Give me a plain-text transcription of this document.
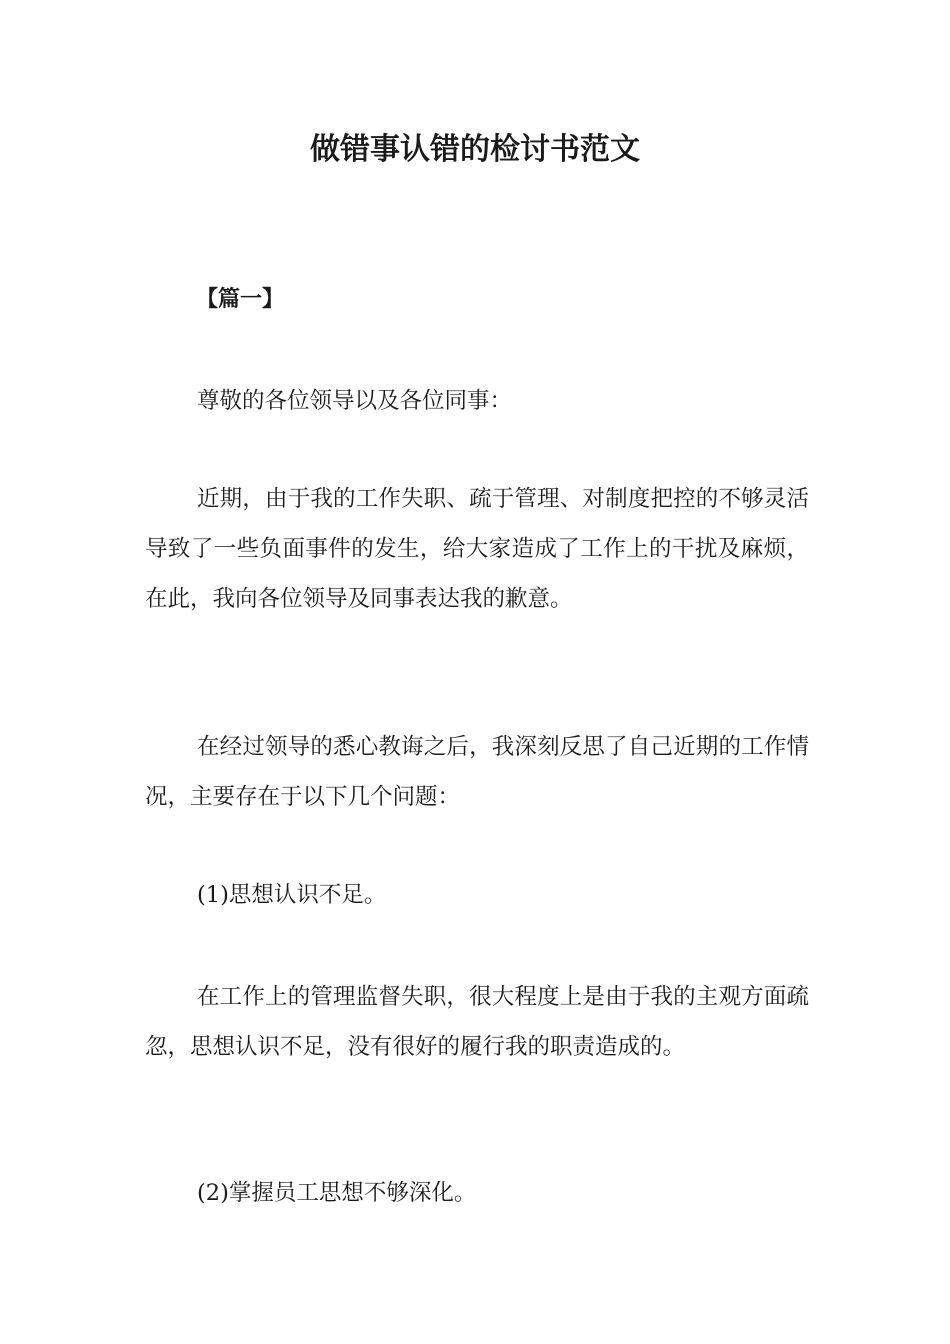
做错事认错的检讨书范文
【篇一】

尊敬的各位领导以及各位同事：

近期，由于我的工作失职、疏于管理、对制度把控的不够灵活导致了一些负面事件的发生，给大家造成了工作上的干扰及麻烦，在此，我向各位领导及同事表达我的歉意。

在经过领导的悉心教诲之后，我深刻反思了自己近期的工作情况，主要存在于以下几个问题：

(1)思想认识不足。

在工作上的管理监督失职，很大程度上是由于我的主观方面疏忽，思想认识不足，没有很好的履行我的职责造成的。

(2)掌握员工思想不够深化。
